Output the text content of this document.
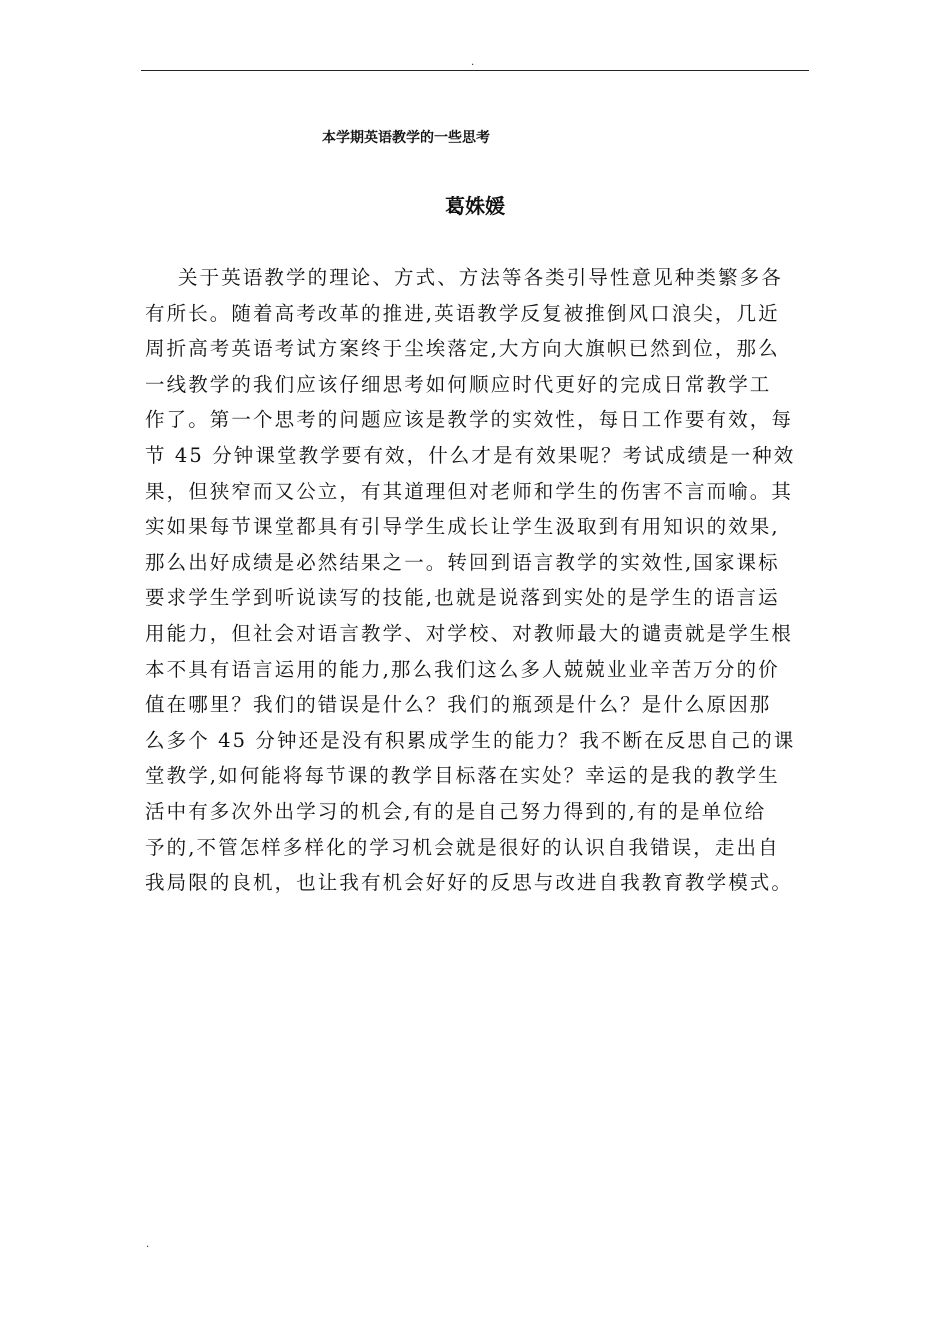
.
本学期英语教学的一些思考
葛姝媛
关于英语教学的理论、方式、方法等各类引导性意见种类繁多各
有所长。随着高考改革的推进,英语教学反复被推倒风口浪尖，几近
周折高考英语考试方案终于尘埃落定,大方向大旗帜已然到位，那么
一线教学的我们应该仔细思考如何顺应时代更好的完成日常教学工
作了。第一个思考的问题应该是教学的实效性，每日工作要有效，每
节 45 分钟课堂教学要有效，什么才是有效果呢？考试成绩是一种效
果，但狭窄而又公立，有其道理但对老师和学生的伤害不言而喻。其
实如果每节课堂都具有引导学生成长让学生汲取到有用知识的效果,
那么出好成绩是必然结果之一。转回到语言教学的实效性,国家课标
要求学生学到听说读写的技能,也就是说落到实处的是学生的语言运
用能力，但社会对语言教学、对学校、对教师最大的谴责就是学生根
本不具有语言运用的能力,那么我们这么多人兢兢业业辛苦万分的价
值在哪里？我们的错误是什么？我们的瓶颈是什么？是什么原因那
么多个 45 分钟还是没有积累成学生的能力？我不断在反思自己的课
堂教学,如何能将每节课的教学目标落在实处？幸运的是我的教学生
活中有多次外出学习的机会,有的是自己努力得到的,有的是单位给
予的,不管怎样多样化的学习机会就是很好的认识自我错误，走出自
我局限的良机，也让我有机会好好的反思与改进自我教育教学模式。
.
